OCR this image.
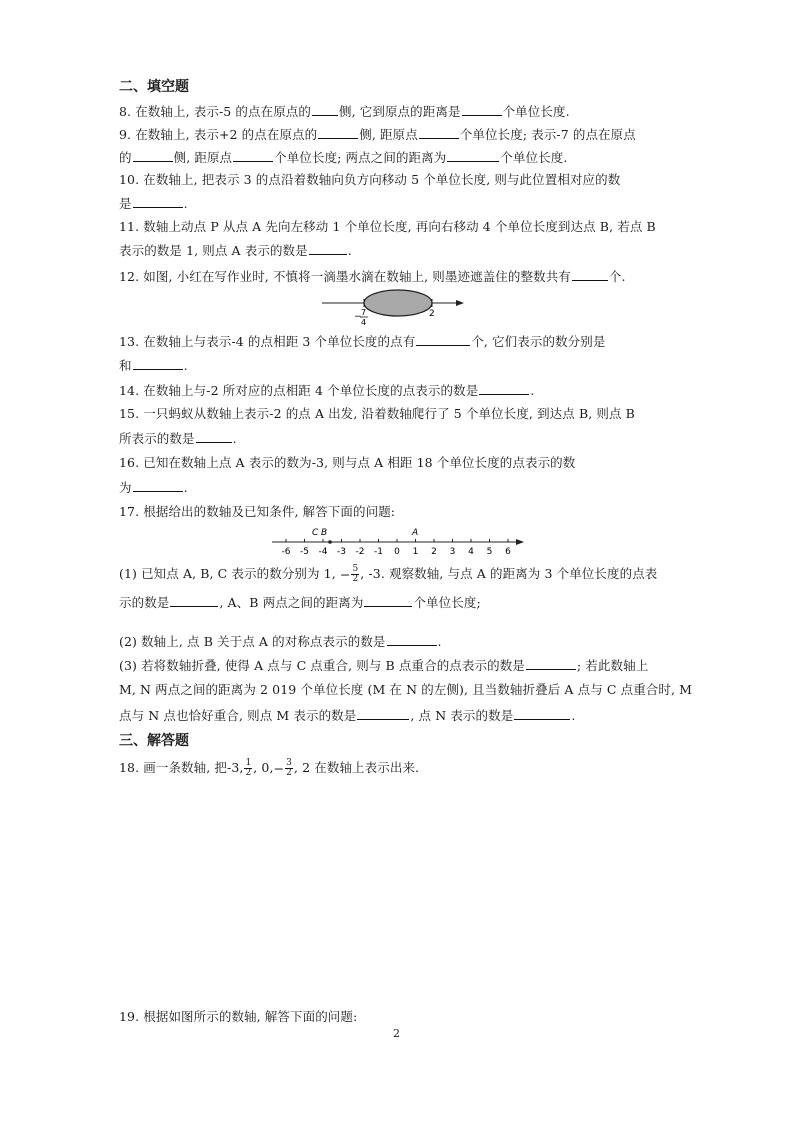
二、填空题
8. 在数轴上, 表示-5 的点在原点的 侧, 它到原点的距离是	个单位长度.
9. 在数轴上, 表示+2 的点在原点的	侧, 距原点	个单位长度; 表示-7 的点在原点
的	侧, 距原点	个单位长度; 两点之间的距离为	个单位长度.
10. 在数轴上, 把表示 3 的点沿着数轴向负方向移动 5 个单位长度, 则与此位置相对应的数
是	.
11. 数轴上动点 P 从点 A 先向左移动 1 个单位长度, 再向右移动 4 个单位长度到达点 B, 若点 B
表示的数是 1, 则点 A 表示的数是	.
12. 如图, 小红在写作业时, 不慎将一滴墨水滴在数轴上, 则墨迹遮盖住的整数共有	个.
− 7
4
2
13. 在数轴上与表示-4 的点相距 3 个单位长度的点有	个, 它们表示的数分别是
和	.
14. 在数轴上与-2 所对应的点相距 4 个单位长度的点表示的数是	.
15. 一只蚂蚁从数轴上表示-2 的点 A 出发, 沿着数轴爬行了 5 个单位长度, 到达点 B, 则点 B
所表示的数是	.
16. 已知在数轴上点 A 表示的数为-3, 则与点 A 相距 18 个单位长度的点表示的数
为	.
17. 根据给出的数轴及已知条件, 解答下面的问题:
-6 -5 -4 -3 -2 -1 0 1 2 3 4 5 6
C B	A
(1) 已知点 A, B, C 表示的数分别为 1, − $\frac{5}{2}$ , -3. 观察数轴, 与点 A 的距离为 3 个单位长度的点表
示的数是	, A、B 两点之间的距离为	个单位长度;
(2) 数轴上, 点 B 关于点 A 的对称点表示的数是	.
(3) 若将数轴折叠, 使得 A 点与 C 点重合, 则与 B 点重合的点表示的数是	; 若此数轴上
M, N 两点之间的距离为 2 019 个单位长度 (M 在 N 的左侧), 且当数轴折叠后 A 点与 C 点重合时, M
点与 N 点也恰好重合, 则点 M 表示的数是	, 点 N 表示的数是	.
三、解答题
18. 画一条数轴, 把-3, $\frac{1}{2}$ , 0, − $\frac{3}{2}$ , 2 在数轴上表示出来.
19. 根据如图所示的数轴, 解答下面的问题:
2
